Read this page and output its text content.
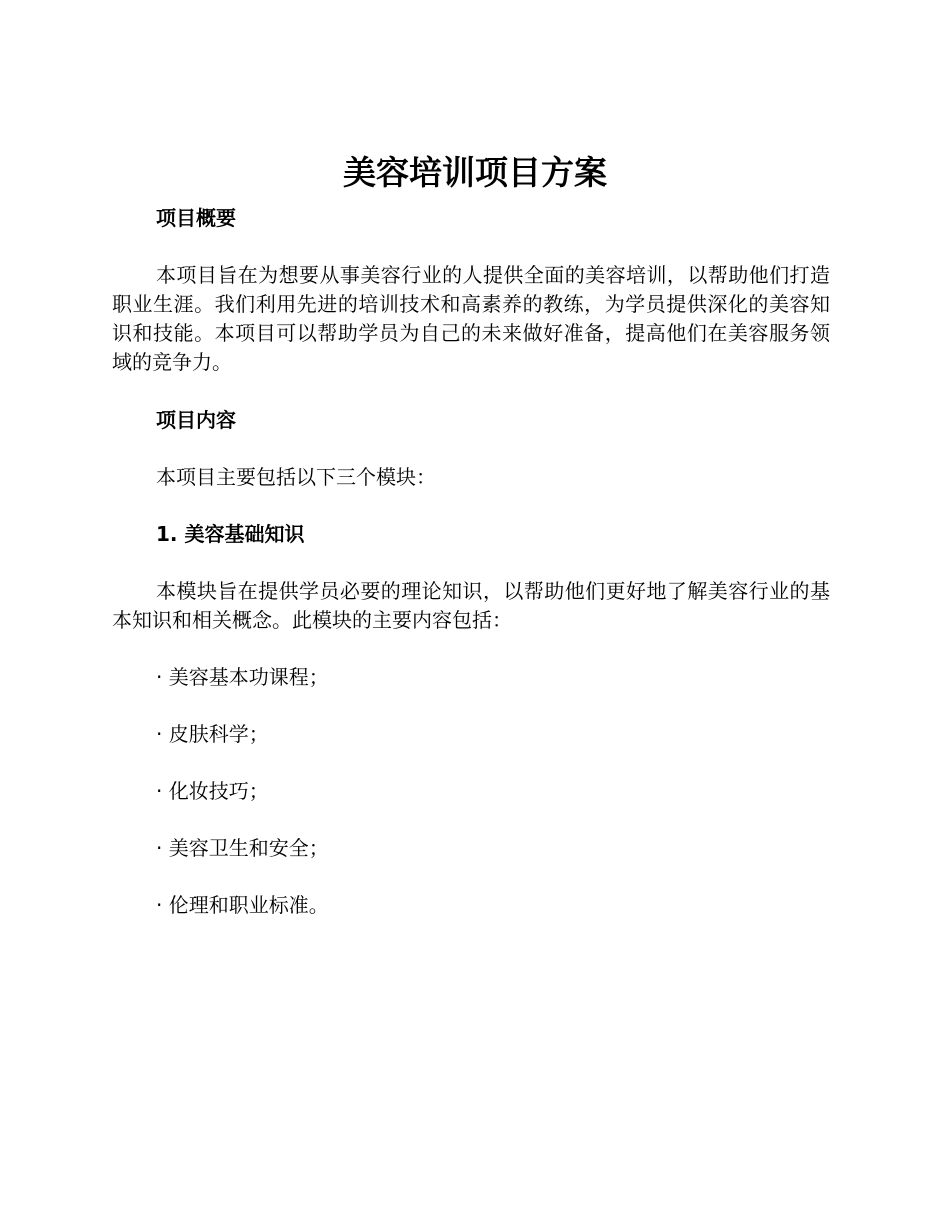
美容培训项目方案

项目概要

本项目旨在为想要从事美容行业的人提供全面的美容培训，以帮助他们打造职业生涯。我们利用先进的培训技术和高素养的教练，为学员提供深化的美容知识和技能。本项目可以帮助学员为自己的未来做好准备，提高他们在美容服务领域的竞争力。

项目内容

本项目主要包括以下三个模块：

1. 美容基础知识

本模块旨在提供学员必要的理论知识，以帮助他们更好地了解美容行业的基本知识和相关概念。此模块的主要内容包括：

· 美容基本功课程；
· 皮肤科学；
· 化妆技巧；
· 美容卫生和安全；
· 伦理和职业标准。
